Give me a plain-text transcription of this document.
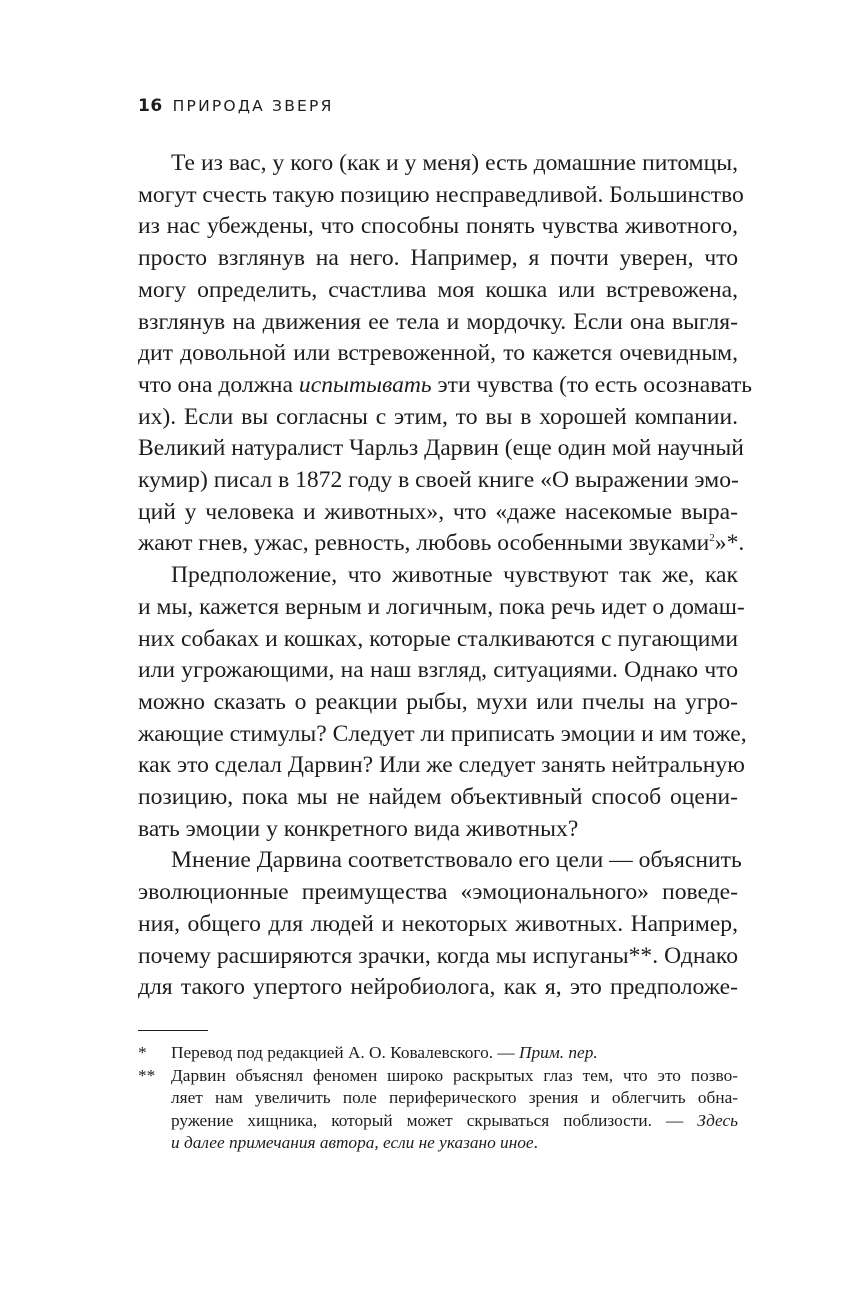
16 ПРИРОДА ЗВЕРЯ
Те из вас, у кого (как и у меня) есть домашние питомцы,
могут счесть такую позицию несправедливой. Большинство
из нас убеждены, что способны понять чувства животного,
просто взглянув на него. Например, я почти уверен, что
могу определить, счастлива моя кошка или встревожена,
взглянув на движения ее тела и мордочку. Если она выгля-
дит довольной или встревоженной, то кажется очевидным,
что она должна испытывать эти чувства (то есть осознавать
их). Если вы согласны с этим, то вы в хорошей компании.
Великий натуралист Чарльз Дарвин (еще один мой научный
кумир) писал в 1872 году в своей книге «О выражении эмо-
ций у человека и животных», что «даже насекомые выра-
жают гнев, ужас, ревность, любовь особенными звуками$^2$»*.
Предположение, что животные чувствуют так же, как
и мы, кажется верным и логичным, пока речь идет о домаш-
них собаках и кошках, которые сталкиваются с пугающими
или угрожающими, на наш взгляд, ситуациями. Однако что
можно сказать о реакции рыбы, мухи или пчелы на угро-
жающие стимулы? Следует ли приписать эмоции и им тоже,
как это сделал Дарвин? Или же следует занять нейтральную
позицию, пока мы не найдем объективный способ оцени-
вать эмоции у конкретного вида животных?
Мнение Дарвина соответствовало его цели — объяснить
эволюционные преимущества «эмоционального» поведе-
ния, общего для людей и некоторых животных. Например,
почему расширяются зрачки, когда мы испуганы**. Однако
для такого упертого нейробиолога, как я, это предположе-
* Перевод под редакцией А. О. Ковалевского. — Прим. пер.
** Дарвин объяснял феномен широко раскрытых глаз тем, что это позво-
ляет нам увеличить поле периферического зрения и облегчить обна-
ружение хищника, который может скрываться поблизости. — Здесь
и далее примечания автора, если не указано иное.
